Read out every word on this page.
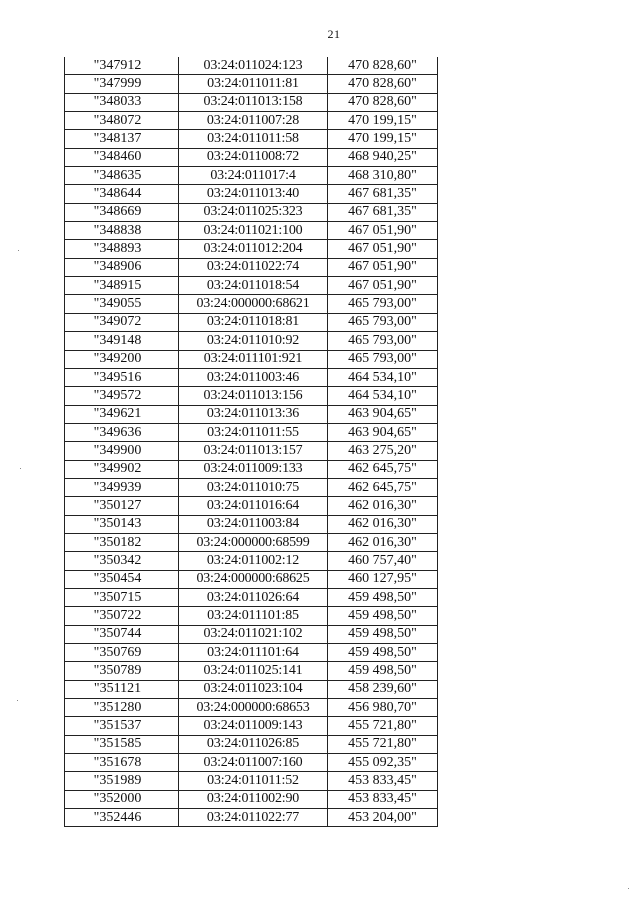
21
"347912	03:24:011024:123	470 828,60"
"347999	03:24:011011:81	470 828,60"
"348033	03:24:011013:158	470 828,60"
"348072	03:24:011007:28	470 199,15"
"348137	03:24:011011:58	470 199,15"
"348460	03:24:011008:72	468 940,25"
"348635	03:24:011017:4	468 310,80"
"348644	03:24:011013:40	467 681,35"
"348669	03:24:011025:323	467 681,35"
"348838	03:24:011021:100	467 051,90"
"348893	03:24:011012:204	467 051,90"
"348906	03:24:011022:74	467 051,90"
"348915	03:24:011018:54	467 051,90"
"349055	03:24:000000:68621	465 793,00"
"349072	03:24:011018:81	465 793,00"
"349148	03:24:011010:92	465 793,00"
"349200	03:24:011101:921	465 793,00"
"349516	03:24:011003:46	464 534,10"
"349572	03:24:011013:156	464 534,10"
"349621	03:24:011013:36	463 904,65"
"349636	03:24:011011:55	463 904,65"
"349900	03:24:011013:157	463 275,20"
"349902	03:24:011009:133	462 645,75"
"349939	03:24:011010:75	462 645,75"
"350127	03:24:011016:64	462 016,30"
"350143	03:24:011003:84	462 016,30"
"350182	03:24:000000:68599	462 016,30"
"350342	03:24:011002:12	460 757,40"
"350454	03:24:000000:68625	460 127,95"
"350715	03:24:011026:64	459 498,50"
"350722	03:24:011101:85	459 498,50"
"350744	03:24:011021:102	459 498,50"
"350769	03:24:011101:64	459 498,50"
"350789	03:24:011025:141	459 498,50"
"351121	03:24:011023:104	458 239,60"
"351280	03:24:000000:68653	456 980,70"
"351537	03:24:011009:143	455 721,80"
"351585	03:24:011026:85	455 721,80"
"351678	03:24:011007:160	455 092,35"
"351989	03:24:011011:52	453 833,45"
"352000	03:24:011002:90	453 833,45"
"352446	03:24:011022:77	453 204,00"
